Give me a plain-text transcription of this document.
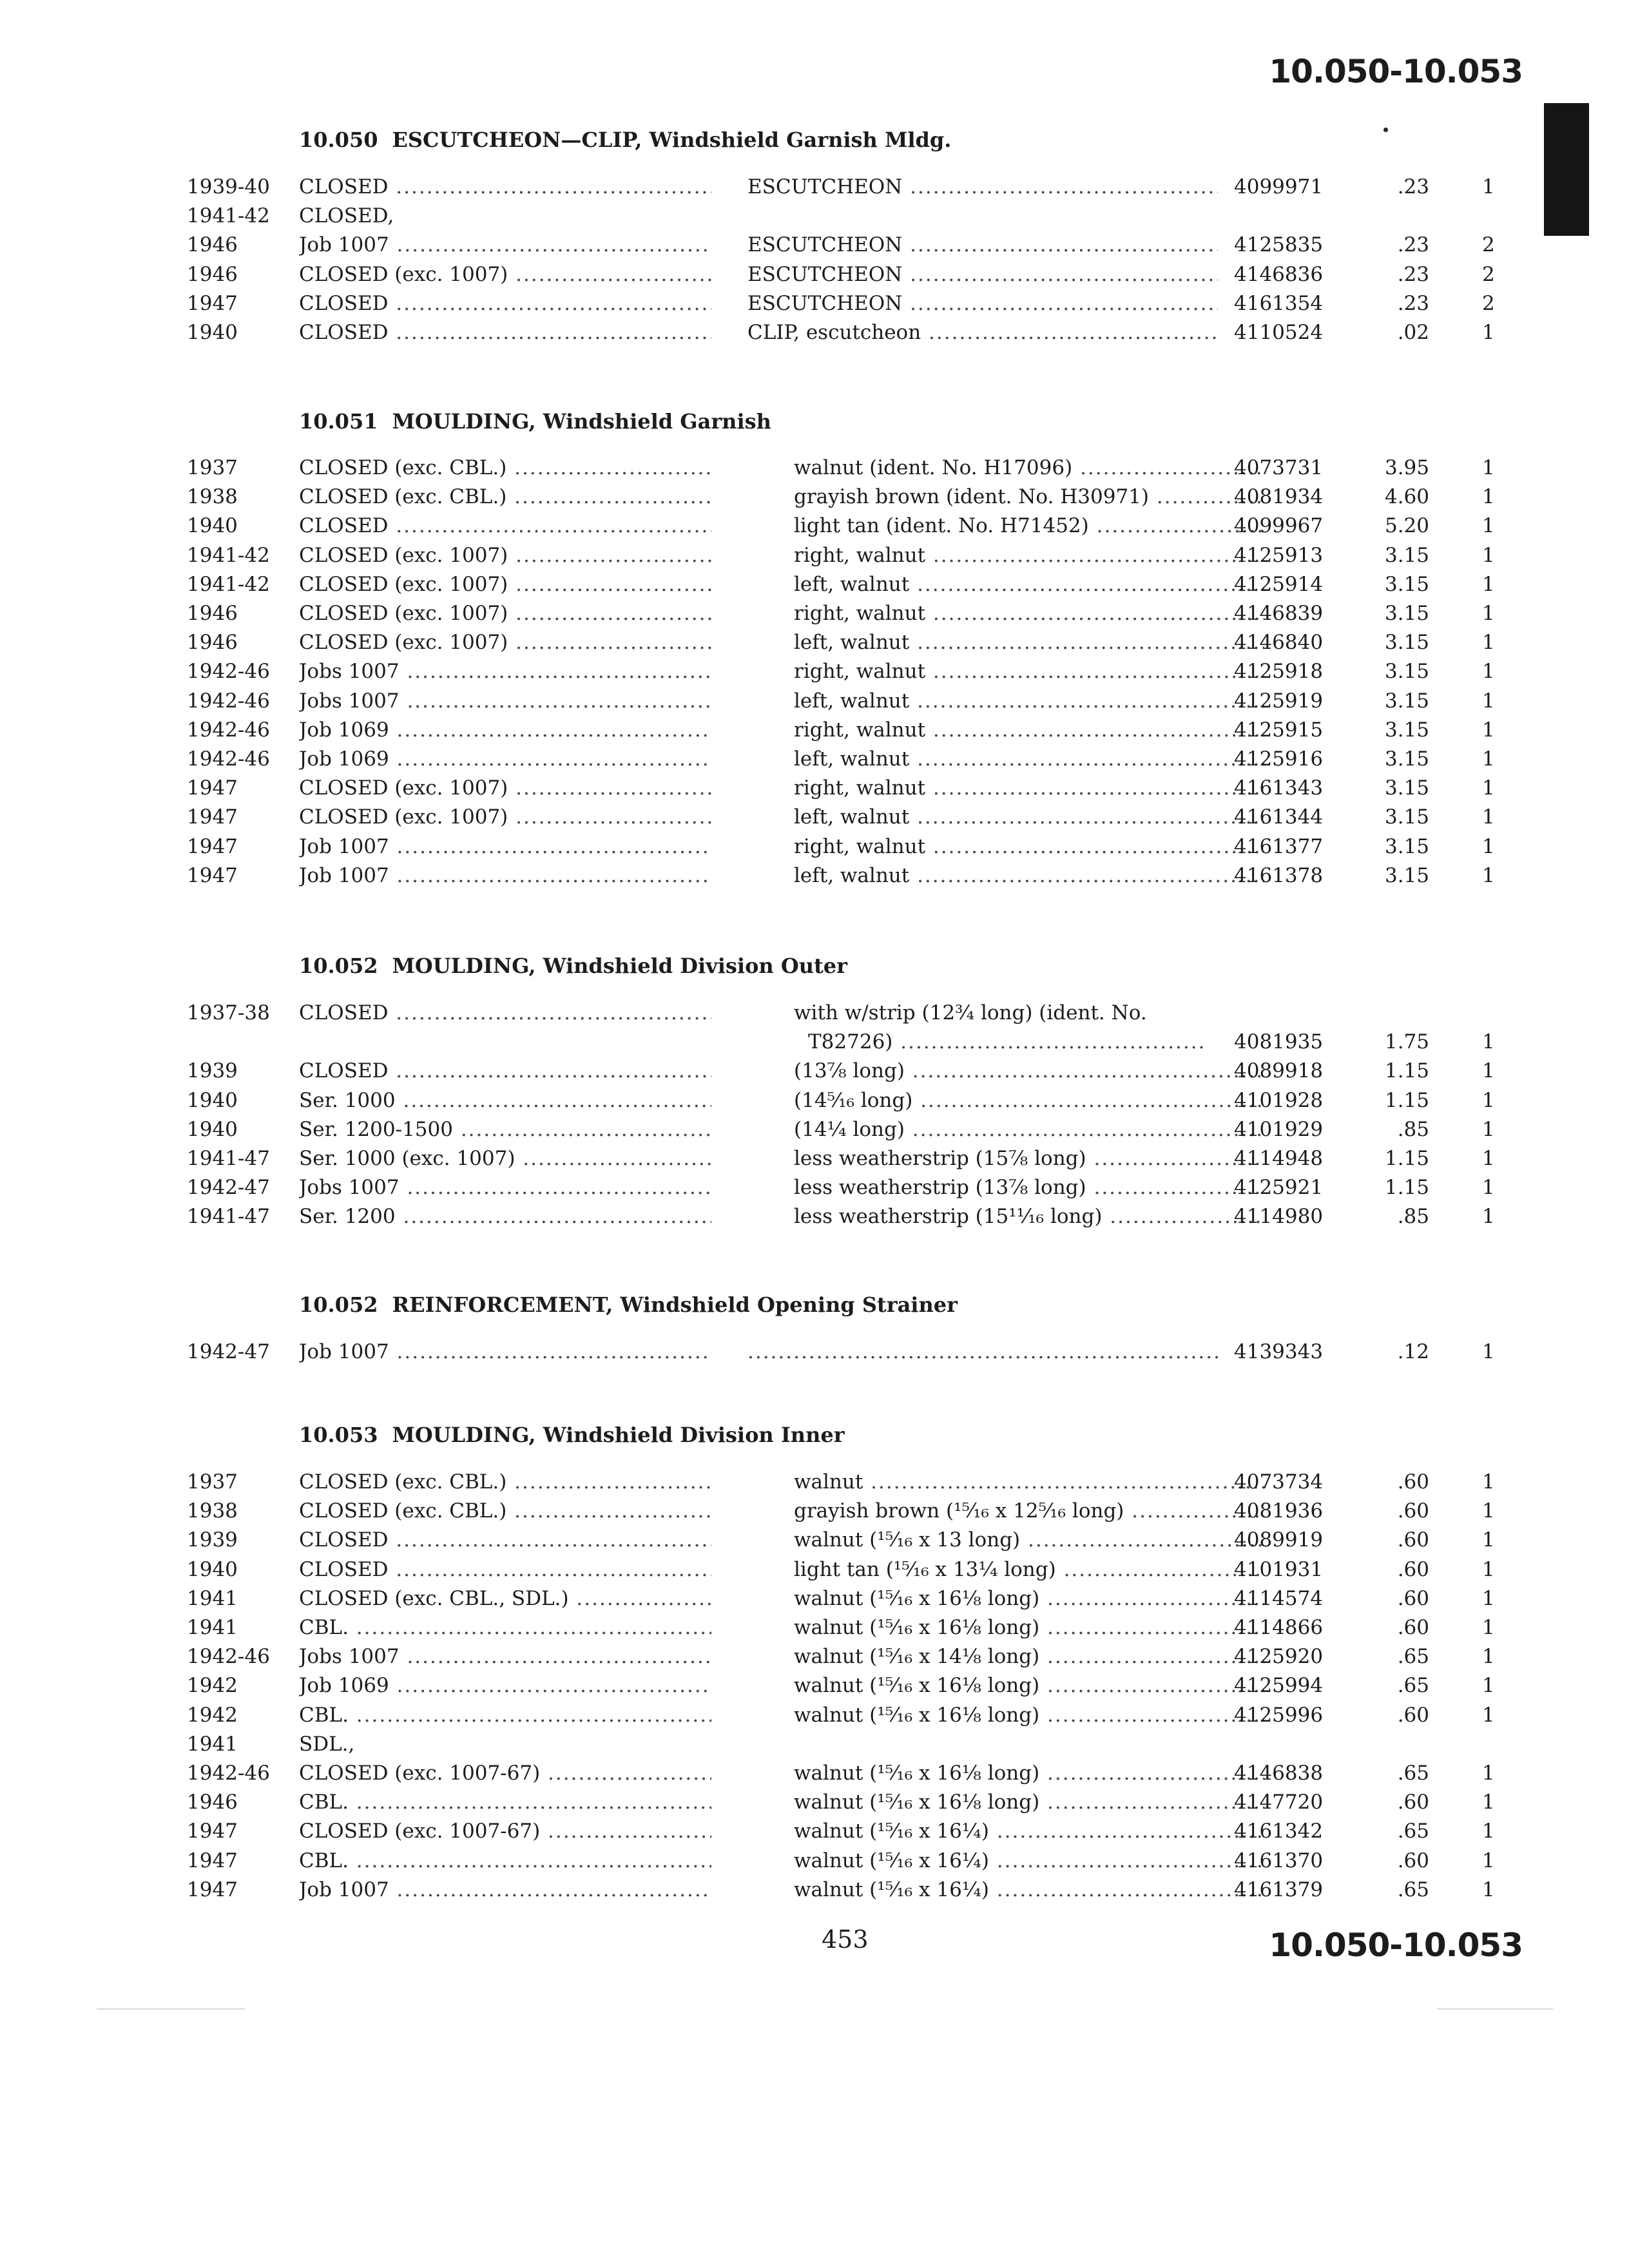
10.050-10.053
10.050 ESCUTCHEON—CLIP, Windshield Garnish Mldg.
1939-40 CLOSED .....	ESCUTCHEON .....	4099971	.23	1
1941-42 CLOSED,
1946	Job 1007 .....	ESCUTCHEON .....	4125835	.23	2
1946	CLOSED (exc. 1007) .....	ESCUTCHEON .....	4146836	.23	2
1947	CLOSED .....	ESCUTCHEON .....	4161354	.23	2
1940	CLOSED .....	CLIP, escutcheon .....	4110524	.02	1
10.051 MOULDING, Windshield Garnish
1937	CLOSED (exc. CBL.) .....	walnut (ident. No. H17096) .....	4073731	3.95	1
1938	CLOSED (exc. CBL.) .....	grayish brown (ident. No. H30971) .....	4081934	4.60	1
1940	CLOSED .....	light tan (ident. No. H71452) .....	4099967	5.20	1
1941-42 CLOSED (exc. 1007) .....	right, walnut .....	4125913	3.15	1
1941-42 CLOSED (exc. 1007) .....	left, walnut .....	4125914	3.15	1
1946	CLOSED (exc. 1007) .....	right, walnut .....	4146839	3.15	1
1946	CLOSED (exc. 1007) .....	left, walnut .....	4146840	3.15	1
1942-46 Jobs 1007 .....	right, walnut .....	4125918	3.15	1
1942-46 Jobs 1007 .....	left, walnut .....	4125919	3.15	1
1942-46 Job 1069 .....	right, walnut .....	4125915	3.15	1
1942-46 Job 1069 .....	left, walnut .....	4125916	3.15	1
1947	CLOSED (exc. 1007) .....	right, walnut .....	4161343	3.15	1
1947	CLOSED (exc. 1007) .....	left, walnut .....	4161344	3.15	1
1947	Job 1007 .....	right, walnut .....	4161377	3.15	1
1947	Job 1007 .....	left, walnut .....	4161378	3.15	1
10.052 MOULDING, Windshield Division Outer
1937-38 CLOSED .....	with w/strip (12¾ long) (ident. No.
T82726) .....	4081935	1.75	1
1939	CLOSED .....	(13⅞ long) .....	4089918	1.15	1
1940	Ser. 1000 .....	(14⁵⁄₁₆ long) .....	4101928	1.15	1
1940	Ser. 1200-1500 .....	(14¼ long) .....	4101929	.85	1
1941-47 Ser. 1000 (exc. 1007) .....	less weatherstrip (15⅞ long) .....	4114948	1.15	1
1942-47 Jobs 1007 .....	less weatherstrip (13⅞ long) .....	4125921	1.15	1
1941-47 Ser. 1200 .....	less weatherstrip (15¹¹⁄₁₆ long) .....	4114980	.85	1
10.052 REINFORCEMENT, Windshield Opening Strainer
1942-47 Job 1007 .....
.....	4139343	.12	1
10.053 MOULDING, Windshield Division Inner
1937	CLOSED (exc. CBL.) .....	walnut .....	4073734	.60	1
1938	CLOSED (exc. CBL.) .....	grayish brown (¹⁵⁄₁₆ x 12⁵⁄₁₆ long) .....	4081936	.60	1
1939	CLOSED .....	walnut (¹⁵⁄₁₆ x 13 long) .....	4089919	.60	1
1940	CLOSED .....	light tan (¹⁵⁄₁₆ x 13¼ long) .....	4101931	.60	1
1941	CLOSED (exc. CBL., SDL.) .....	walnut (¹⁵⁄₁₆ x 16⅛ long) .....	4114574	.60	1
1941	CBL. .....	walnut (¹⁵⁄₁₆ x 16⅛ long) .....	4114866	.60	1
1942-46 Jobs 1007 .....	walnut (¹⁵⁄₁₆ x 14⅛ long) .....	4125920	.65	1
1942	Job 1069 .....	walnut (¹⁵⁄₁₆ x 16⅛ long) .....	4125994	.65	1
1942	CBL. .....	walnut (¹⁵⁄₁₆ x 16⅛ long) .....	4125996	.60	1
1941	SDL.,
1942-46 CLOSED (exc. 1007-67) .....	walnut (¹⁵⁄₁₆ x 16⅛ long) .....	4146838	.65	1
1946	CBL. .....	walnut (¹⁵⁄₁₆ x 16⅛ long) .....	4147720	.60	1
1947	CLOSED (exc. 1007-67) .....	walnut (¹⁵⁄₁₆ x 16¼) .....	4161342	.65	1
1947	CBL. .....	walnut (¹⁵⁄₁₆ x 16¼) .....	4161370	.60	1
1947	Job 1007 .....	walnut (¹⁵⁄₁₆ x 16¼) .....	4161379	.65	1
453	10.050-10.053
